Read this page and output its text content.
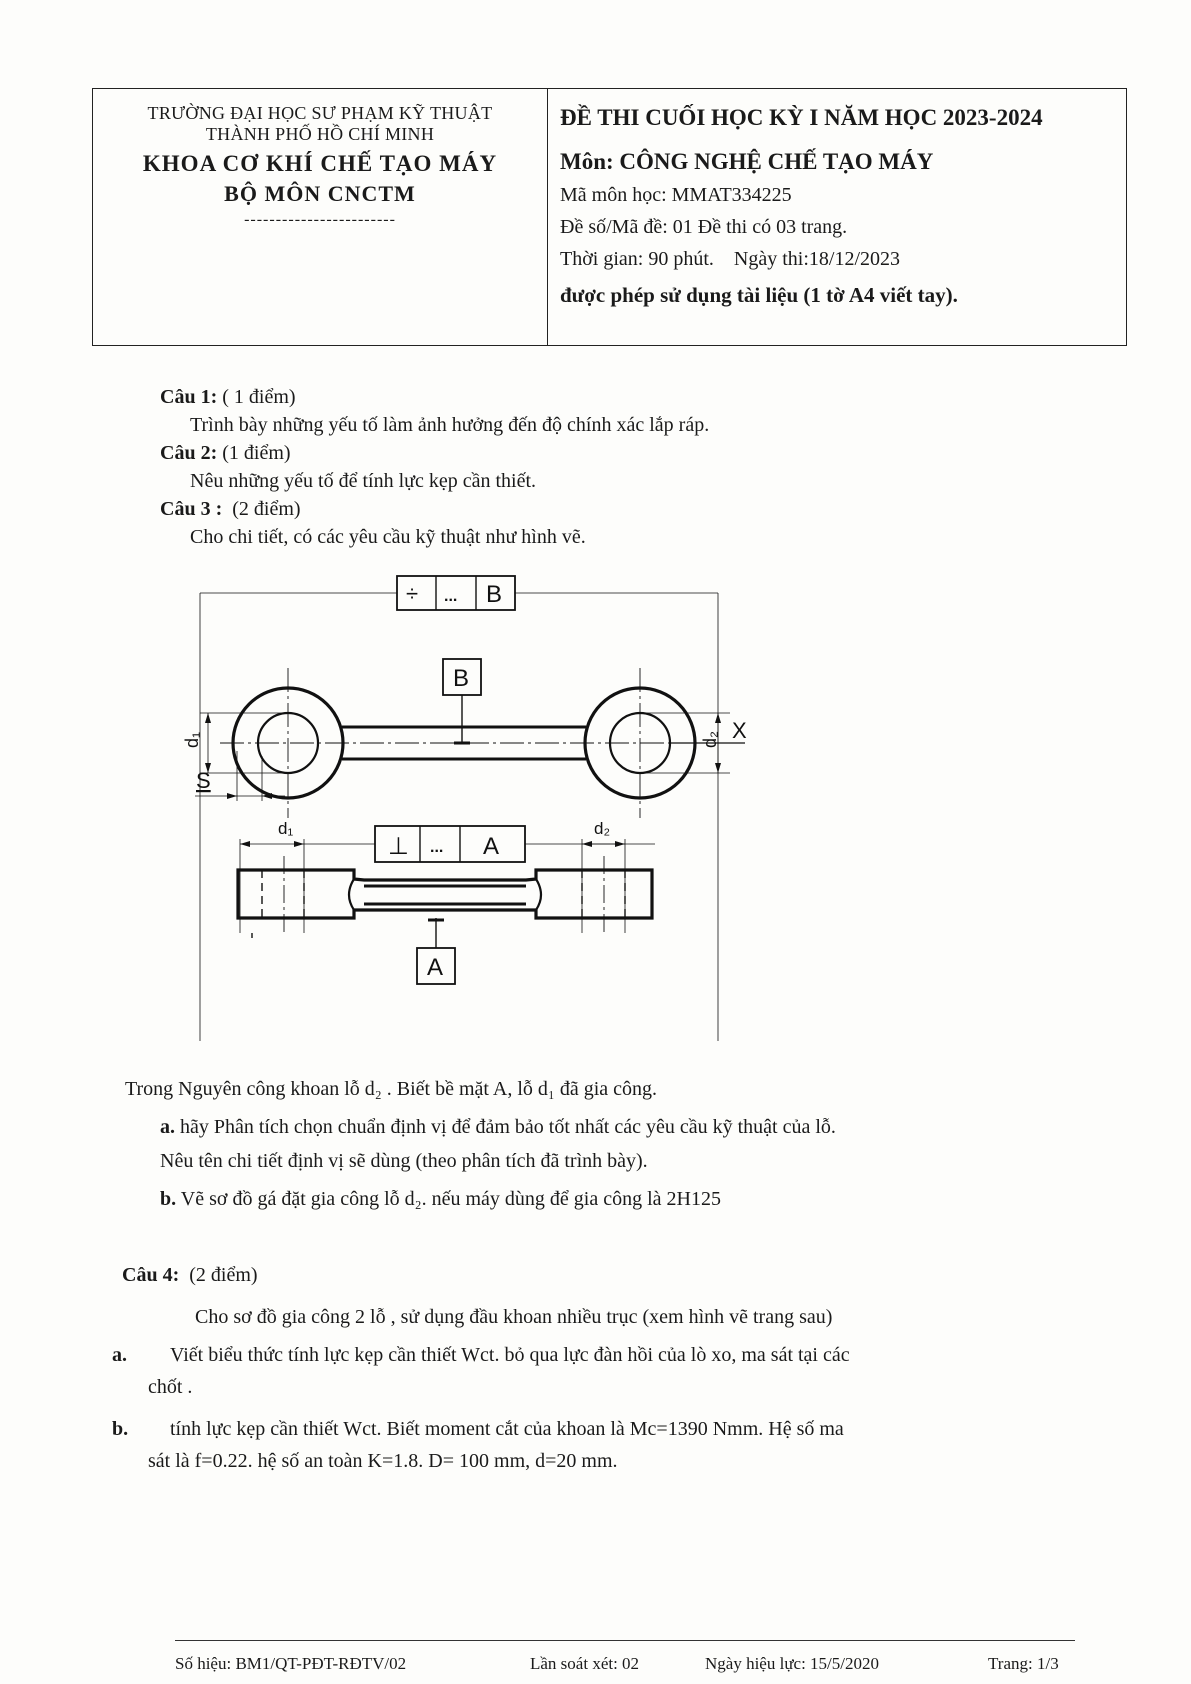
TRƯỜNG ĐẠI HỌC SƯ PHẠM KỸ THUẬT
THÀNH PHỐ HỒ CHÍ MINH
KHOA CƠ KHÍ CHẾ TẠO MÁY
BỘ MÔN CNCTM
------------------------
ĐỀ THI CUỐI HỌC KỲ I NĂM HỌC 2023-2024
Môn: CÔNG NGHỆ CHẾ TẠO MÁY
Mã môn học: MMAT334225
Đề số/Mã đề: 01 Đề thi có 03 trang.
Thời gian: 90 phút.    Ngày thi:18/12/2023
được phép sử dụng tài liệu (1 tờ A4 viết tay).
Câu 1: ( 1 điểm)
Trình bày những yếu tố làm ảnh hưởng đến độ chính xác lắp ráp.
Câu 2: (1 điểm)
Nêu những yếu tố để tính lực kẹp cần thiết.
Câu 3 :  (2 điểm)
Cho chi tiết, có các yêu cầu kỹ thuật như hình vẽ.
÷ ... B
B
d₁	d₂ X
S
d₁	d₂
⊥ ... A
A
Trong Nguyên công khoan lỗ d₂ . Biết bề mặt A, lỗ d₁ đã gia công.
a. hãy Phân tích chọn chuẩn định vị để đảm bảo tốt nhất các yêu cầu kỹ thuật của lỗ.
Nêu tên chi tiết định vị sẽ dùng (theo phân tích đã trình bày).
b. Vẽ sơ đồ gá đặt gia công lỗ d₂. nếu máy dùng để gia công là 2H125
Câu 4:  (2 điểm)
Cho sơ đồ gia công 2 lỗ , sử dụng đầu khoan nhiều trục (xem hình vẽ trang sau)
a. Viết biểu thức tính lực kẹp cần thiết Wct. bỏ qua lực đàn hồi của lò xo, ma sát tại các
chốt .
b. tính lực kẹp cần thiết Wct. Biết moment cắt của khoan là Mc=1390 Nmm. Hệ số ma
sát là f=0.22. hệ số an toàn K=1.8. D= 100 mm, d=20 mm.
Số hiệu: BM1/QT-PĐT-RĐTV/02	Lần soát xét: 02	Ngày hiệu lực: 15/5/2020	Trang: 1/3
